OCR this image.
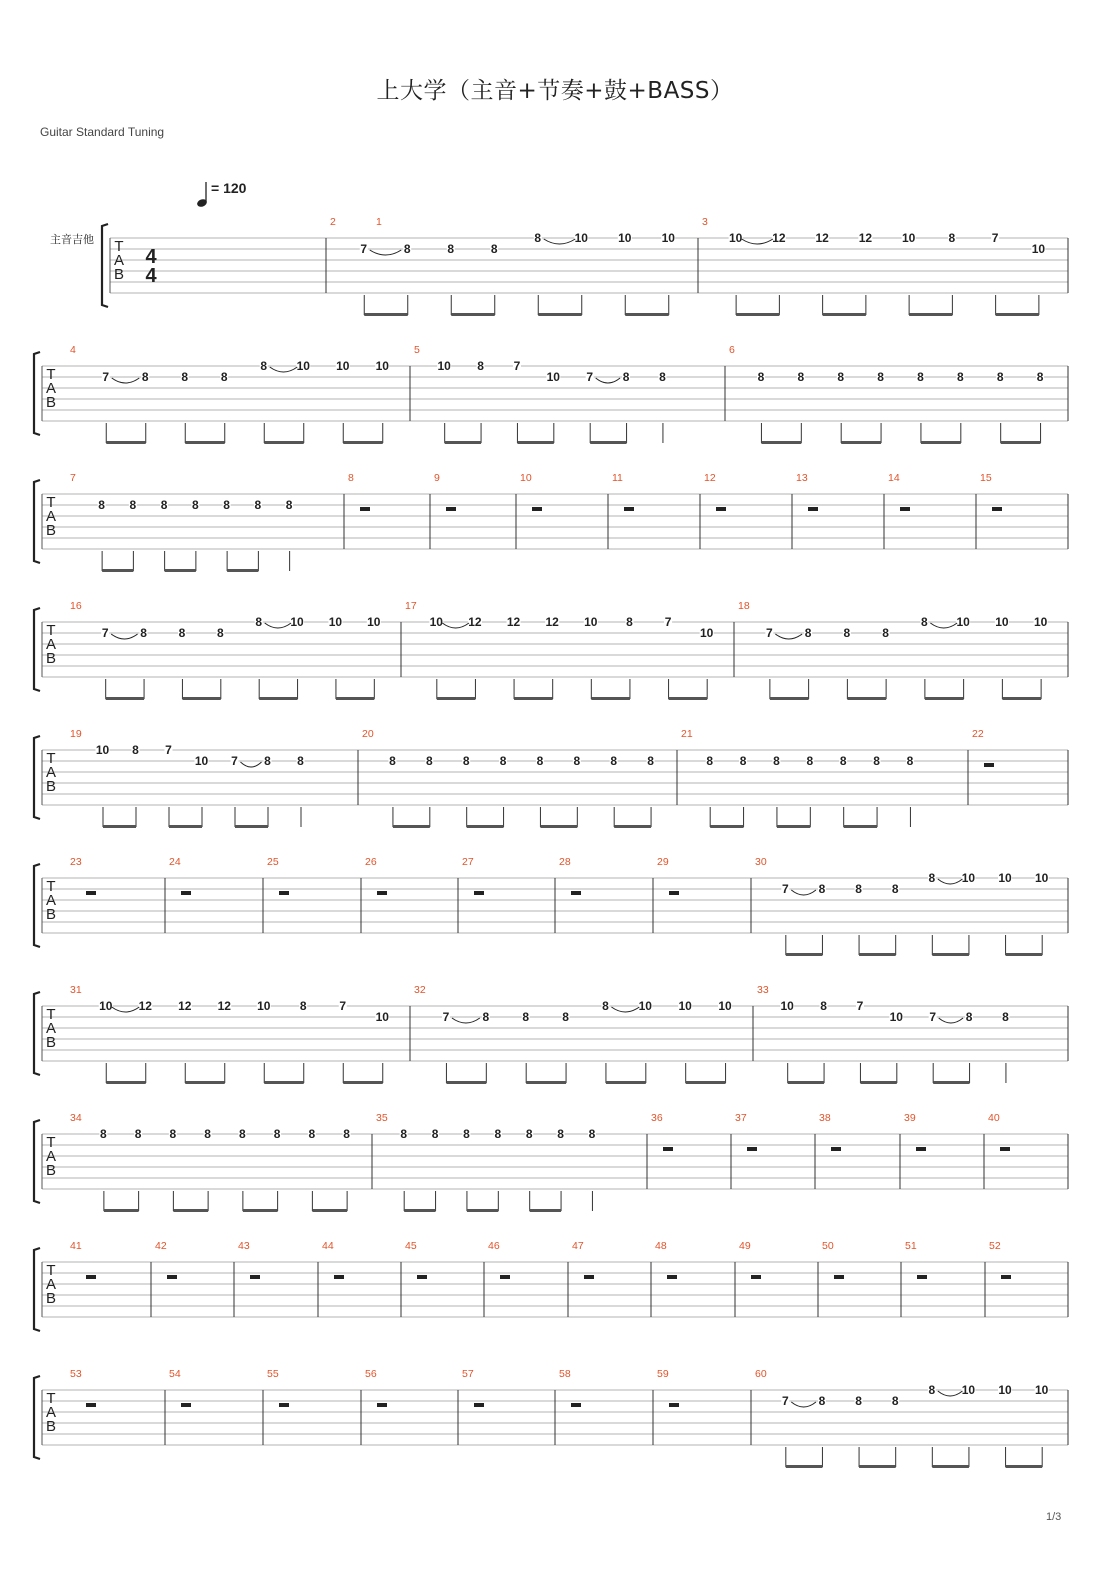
上大学（主音+节奏+鼓+BASS）
Guitar Standard Tuning
= 120
主音吉他 T
A
B
4
4
1
2
7	8	8	8
8	10	10	10
3
10 12 12 12 10	8	7
10
T
A
B
4
7	8	8	8
8 10 10 10
5
10 8 7
10 7 8 8
6
8	8	8	8	8	8	8	8
T
A
B
7
8 8 8 8 8 8 8
8	9	10	11	12	13	14	15
T
A
B
16
7	8	8	8
8 10 10 10
17
10 12 12 12 10 8	7
10
18
7	8	8	8
8 10 10 10
T
A
B
19
10 8 7
10 7 8 8
20
8	8	8	8	8	8	8	8
21
8 8 8 8 8 8 8
22
T
A
B
23	24	25	26	27	28	29	30
7 8 8 8
8 10 10 10
T
A
B
31
10 12 12 12 10 8	7
10
32
7	8	8	8
8 10 10 10
33
10 8 7
10 7 8 8
T
A
B
34
8 8 8 8 8 8 8 8
35
8 8 8 8 8 8 8
36	37	38	39	40
T
A
B
41	42	43	44	45	46	47	48	49	50	51	52
T
A
B
53	54	55	56	57	58	59	60
7 8 8 8
8 10 10 10
1/3
